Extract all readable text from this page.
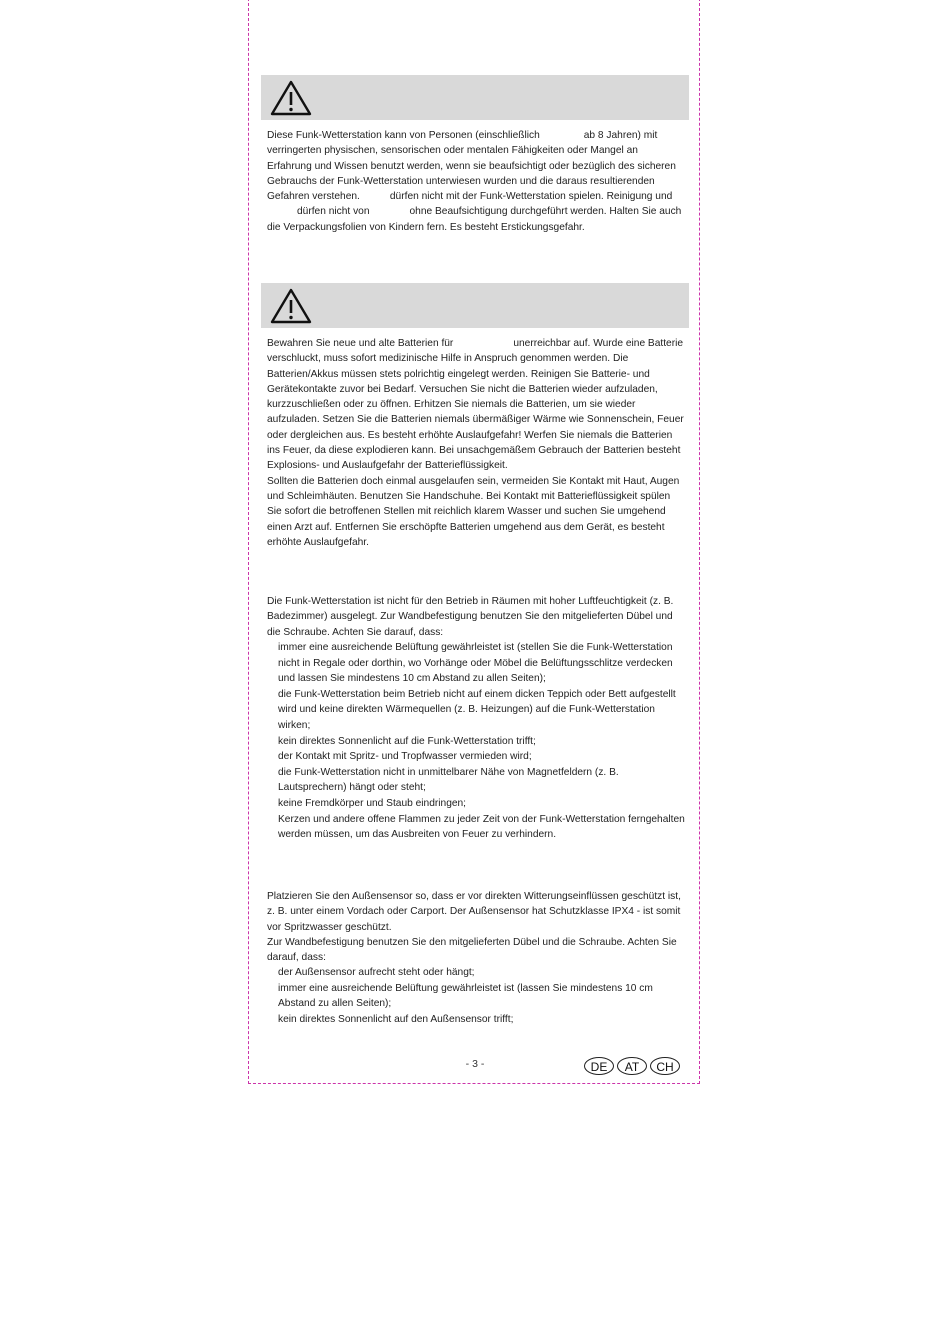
Diese Funk-Wetterstation kann von Personen (einschließlich	ab 8 Jahren) mit verringerten physischen, sensorischen oder mentalen Fähigkeiten oder Mangel an Erfahrung und Wissen benutzt werden, wenn sie beaufsichtigt oder bezüglich des sicheren Gebrauchs der Funk-Wetterstation unterwiesen wurden und die daraus resultierenden Gefahren verstehen.	dürfen nicht mit der Funk-Wetterstation spielen. Reinigung unddürfen nicht von	ohne Beaufsichtigung durchgeführt werden. Halten Sie auch die Verpackungsfolien von Kindern fern. Es besteht Erstickungsgefahr.

Bewahren Sie neue und alte Batterien für	unerreichbar auf. Wurde eine Batterie verschluckt, muss sofort medizinische Hilfe in Anspruch genommen werden. Die Batterien/Akkus müssen stets polrichtig eingelegt werden. Reinigen Sie Batterie- und Gerätekontakte zuvor bei Bedarf. Versuchen Sie nicht die Batterien wieder aufzuladen, kurzzuschließen oder zu öffnen. Erhitzen Sie niemals die Batterien, um sie wieder aufzuladen. Setzen Sie die Batterien niemals übermäßiger Wärme wie Sonnenschein, Feuer oder dergleichen aus. Es besteht erhöhte Auslaufgefahr! Werfen Sie niemals die Batterien ins Feuer, da diese explodieren kann. Bei unsachgemäßem Gebrauch der Batterien besteht Explosions- und Auslaufgefahr der Batterieflüssigkeit.
Sollten die Batterien doch einmal ausgelaufen sein, vermeiden Sie Kontakt mit Haut, Augen und Schleimhäuten. Benutzen Sie Handschuhe. Bei Kontakt mit Batterieflüssigkeit spülen Sie sofort die betroffenen Stellen mit reichlich klarem Wasser und suchen Sie umgehend einen Arzt auf. Entfernen Sie erschöpfte Batterien umgehend aus dem Gerät, es besteht erhöhte Auslaufgefahr.

Die Funk-Wetterstation ist nicht für den Betrieb in Räumen mit hoher Luftfeuchtigkeit (z. B. Badezimmer) ausgelegt. Zur Wandbefestigung benutzen Sie den mitgelieferten Dübel und die Schraube. Achten Sie darauf, dass:

immer eine ausreichende Belüftung gewährleistet ist (stellen Sie die Funk-Wetterstation nicht in Regale oder dorthin, wo Vorhänge oder Möbel die Belüftungsschlitze verdecken und lassen Sie mindestens 10 cm Abstand zu allen Seiten);
die Funk-Wetterstation beim Betrieb nicht auf einem dicken Teppich oder Bett aufgestellt wird und keine direkten Wärmequellen (z. B. Heizungen) auf die Funk-Wetterstation wirken;
kein direktes Sonnenlicht auf die Funk-Wetterstation trifft;
der Kontakt mit Spritz- und Tropfwasser vermieden wird;
die Funk-Wetterstation nicht in unmittelbarer Nähe von Magnetfeldern (z. B. Lautsprechern) hängt oder steht;
keine Fremdkörper und Staub eindringen;
Kerzen und andere offene Flammen zu jeder Zeit von der Funk-Wetterstation ferngehalten werden müssen, um das Ausbreiten von Feuer zu verhindern.

Platzieren Sie den Außensensor so, dass er vor direkten Witterungseinflüssen geschützt ist, z. B. unter einem Vordach oder Carport. Der Außensensor hat Schutzklasse IPX4 - ist somit vor Spritzwasser geschützt.
Zur Wandbefestigung benutzen Sie den mitgelieferten Dübel und die Schraube. Achten Sie darauf, dass:

der Außensensor aufrecht steht oder hängt;
immer eine ausreichende Belüftung gewährleistet ist (lassen Sie mindestens 10 cm Abstand zu allen Seiten);
kein direktes Sonnenlicht auf den Außensensor trifft;
- 3 -	DE	AT	CH
